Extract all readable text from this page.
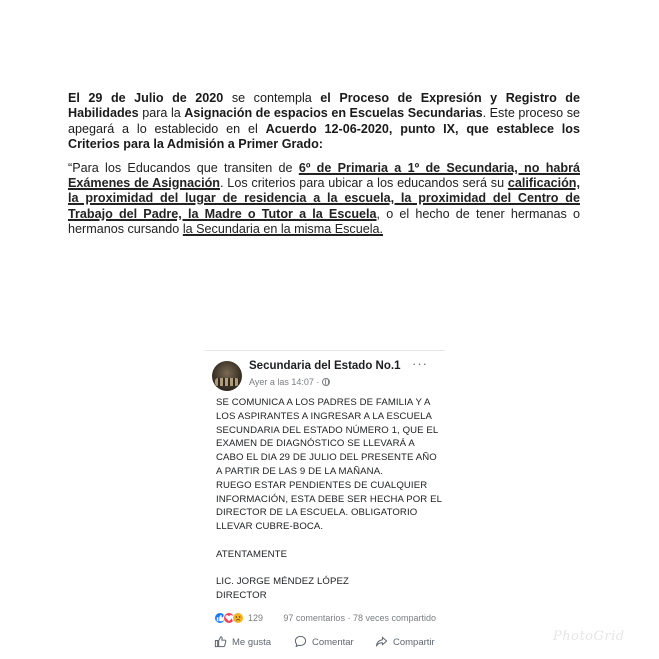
El 29 de Julio de 2020 se contempla el Proceso de Expresión y Registro de Habilidades para la Asignación de espacios en Escuelas Secundarias. Este proceso se apegará a lo establecido en el Acuerdo 12-06-2020, punto IX, que establece los Criterios para la Admisión a Primer Grado:

“Para los Educandos que transiten de 6º de Primaria a 1º de Secundaria, no habrá Exámenes de Asignación. Los criterios para ubicar a los educandos será su calificación, la proximidad del lugar de residencia a la escuela, la proximidad del Centro de Trabajo del Padre, la Madre o Tutor a la Escuela, o el hecho de tener hermanas o hermanos cursando la Secundaria en la misma Escuela.

Secundaria del Estado No.1
Ayer a las 14:07 ·
···
SE COMUNICA A LOS PADRES DE FAMILIA Y A LOS ASPIRANTES A INGRESAR A LA ESCUELA SECUNDARIA DEL ESTADO NÚMERO 1, QUE EL EXAMEN DE DIAGNÓSTICO SE LLEVARÁ A CABO EL DIA 29 DE JULIO DEL PRESENTE AÑO A PARTIR DE LAS 9 DE LA MAÑANA.
RUEGO ESTAR PENDIENTES DE CUALQUIER INFORMACIÓN, ESTA DEBE SER HECHA POR EL DIRECTOR DE LA ESCUELA. OBLIGATORIO LLEVAR CUBRE-BOCA.

ATENTAMENTE

LIC. JORGE MÉNDEZ LÓPEZ
DIRECTOR
129 97 comentarios · 78 veces compartido
Me gusta	Comentar	Compartir	PhotoGrid
